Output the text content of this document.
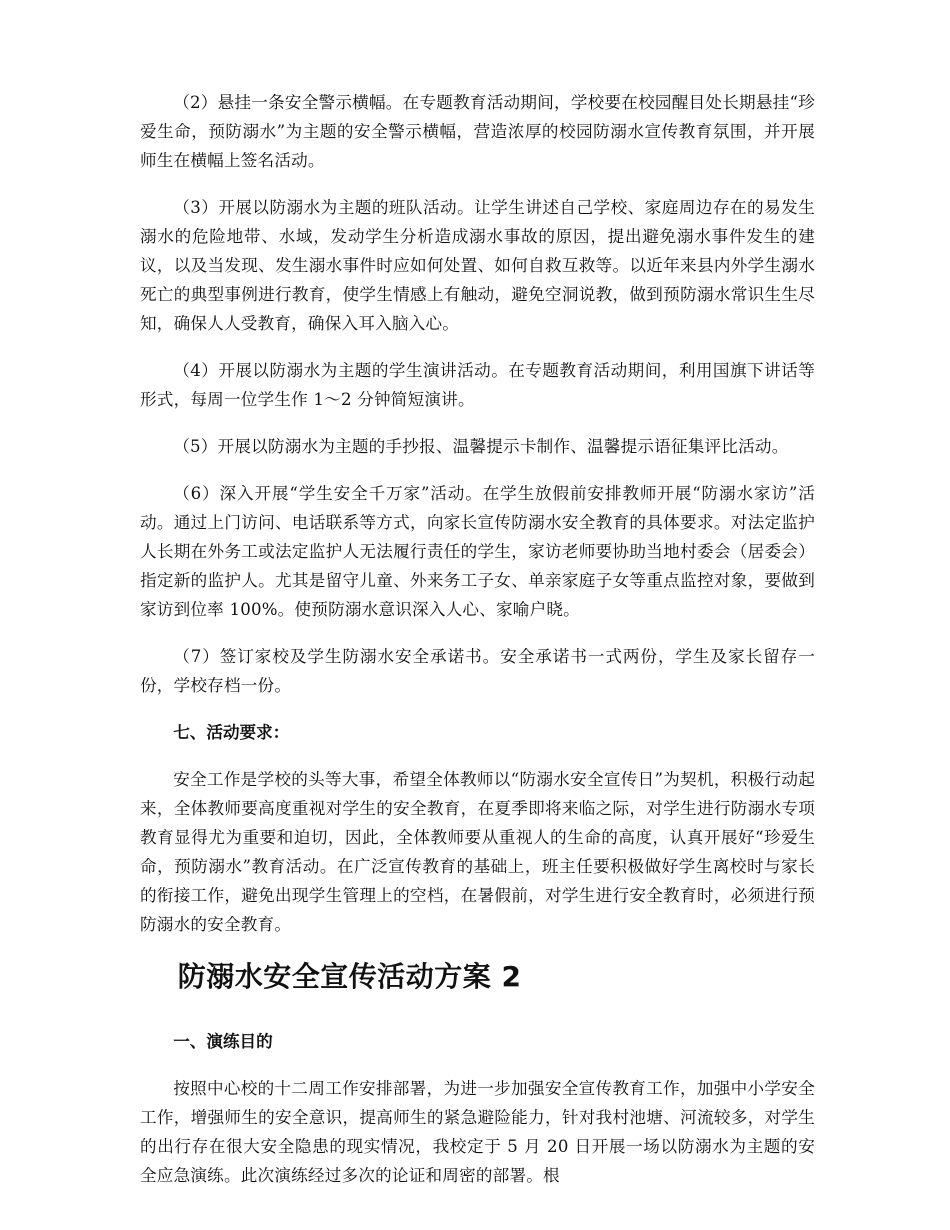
（2）悬挂一条安全警示横幅。在专题教育活动期间，学校要在校园醒目处长期悬挂“珍爱生命，预防溺水”为主题的安全警示横幅，营造浓厚的校园防溺水宣传教育氛围，并开展师生在横幅上签名活动。

（3）开展以防溺水为主题的班队活动。让学生讲述自己学校、家庭周边存在的易发生溺水的危险地带、水域，发动学生分析造成溺水事故的原因，提出避免溺水事件发生的建议，以及当发现、发生溺水事件时应如何处置、如何自救互救等。以近年来县内外学生溺水死亡的典型事例进行教育，使学生情感上有触动，避免空洞说教，做到预防溺水常识生生尽知，确保人人受教育，确保入耳入脑入心。

（4）开展以防溺水为主题的学生演讲活动。在专题教育活动期间，利用国旗下讲话等形式，每周一位学生作 1～2 分钟简短演讲。

（5）开展以防溺水为主题的手抄报、温馨提示卡制作、温馨提示语征集评比活动。

（6）深入开展“学生安全千万家”活动。在学生放假前安排教师开展“防溺水家访”活动。通过上门访问、电话联系等方式，向家长宣传防溺水安全教育的具体要求。对法定监护人长期在外务工或法定监护人无法履行责任的学生，家访老师要协助当地村委会（居委会）指定新的监护人。尤其是留守儿童、外来务工子女、单亲家庭子女等重点监控对象，要做到家访到位率 100%。使预防溺水意识深入人心、家喻户晓。

（7）签订家校及学生防溺水安全承诺书。安全承诺书一式两份，学生及家长留存一份，学校存档一份。

七、活动要求：

安全工作是学校的头等大事，希望全体教师以“防溺水安全宣传日”为契机，积极行动起来，全体教师要高度重视对学生的安全教育，在夏季即将来临之际，对学生进行防溺水专项教育显得尤为重要和迫切，因此，全体教师要从重视人的生命的高度，认真开展好“珍爱生命，预防溺水”教育活动。在广泛宣传教育的基础上，班主任要积极做好学生离校时与家长的衔接工作，避免出现学生管理上的空档，在暑假前，对学生进行安全教育时，必须进行预防溺水的安全教育。

防溺水安全宣传活动方案 2
一、演练目的

按照中心校的十二周工作安排部署，为进一步加强安全宣传教育工作，加强中小学安全工作，增强师生的安全意识，提高师生的紧急避险能力，针对我村池塘、河流较多，对学生的出行存在很大安全隐患的现实情况，我校定于 5 月 20 日开展一场以防溺水为主题的安全应急演练。此次演练经过多次的论证和周密的部署。根
